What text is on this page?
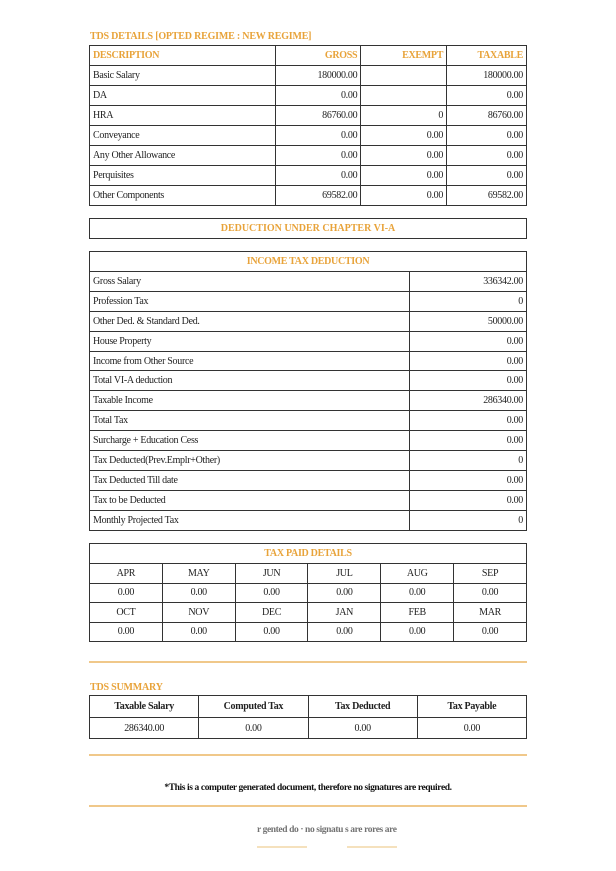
TDS DETAILS [OPTED REGIME : NEW REGIME]
DESCRIPTION	GROSS	EXEMPT	TAXABLE
Basic Salary	180000.00		180000.00
DA	0.00		0.00
HRA	86760.00	0	86760.00
Conveyance	0.00	0.00	0.00
Any Other Allowance	0.00	0.00	0.00
Perquisites	0.00	0.00	0.00
Other Components	69582.00	0.00	69582.00
DEDUCTION UNDER CHAPTER VI-A
INCOME TAX DEDUCTION	
Gross Salary	336342.00
Profession Tax	0
Other Ded. & Standard Ded.	50000.00
House Property	0.00
Income from Other Source	0.00
Total VI-A deduction	0.00
Taxable Income	286340.00
Total Tax	0.00
Surcharge + Education Cess	0.00
Tax Deducted(Prev.Emplr+Other)	0
Tax Deducted Till date	0.00
Tax to be Deducted	0.00
Monthly Projected Tax	0
TAX PAID DETAILS					
APR	MAY	JUN	JUL	AUG	SEP
0.00	0.00	0.00	0.00	0.00	0.00
OCT	NOV	DEC	JAN	FEB	MAR
0.00	0.00	0.00	0.00	0.00	0.00
TDS SUMMARY
Taxable Salary	Computed Tax	Tax Deducted	Tax Payable
286340.00	0.00	0.00	0.00
*This is a computer generated document, therefore no signatures are required.
r gented do · no signatu s are rores are
